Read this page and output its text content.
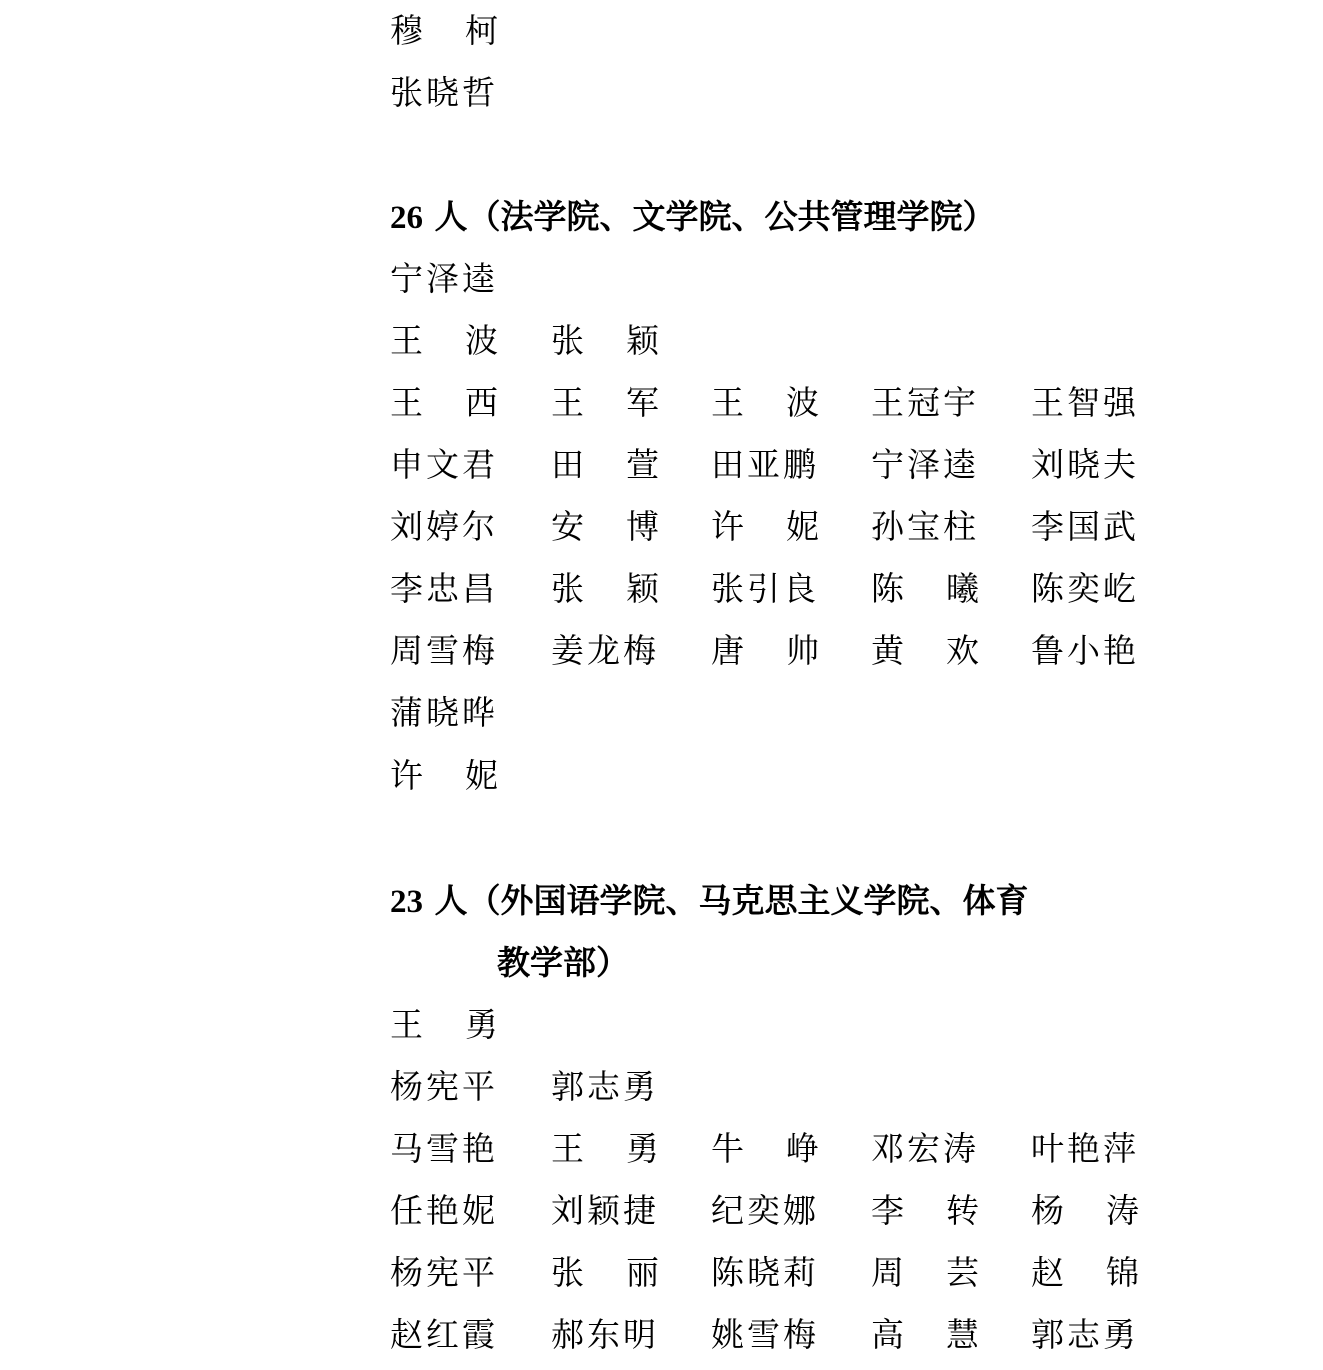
穆柯
张晓哲
26 人（法学院、文学院、公共管理学院）
宁泽逵
王波 张颖
王西 王军 王波 王冠宇 王智强
申文君 田萱 田亚鹏 宁泽逵 刘晓夫
刘婷尔 安博 许妮 孙宝柱 李国武
李忠昌 张颖 张引良 陈曦 陈奕屹
周雪梅 姜龙梅 唐帅 黄欢 鲁小艳
蒲晓晔
许妮
23 人（外国语学院、马克思主义学院、体育
教学部）
王勇
杨宪平 郭志勇
马雪艳 王勇 牛峥 邓宏涛 叶艳萍
任艳妮 刘颖捷 纪奕娜 李转 杨涛
杨宪平 张丽 陈晓莉 周芸 赵锦
赵红霞 郝东明 姚雪梅 高慧 郭志勇
